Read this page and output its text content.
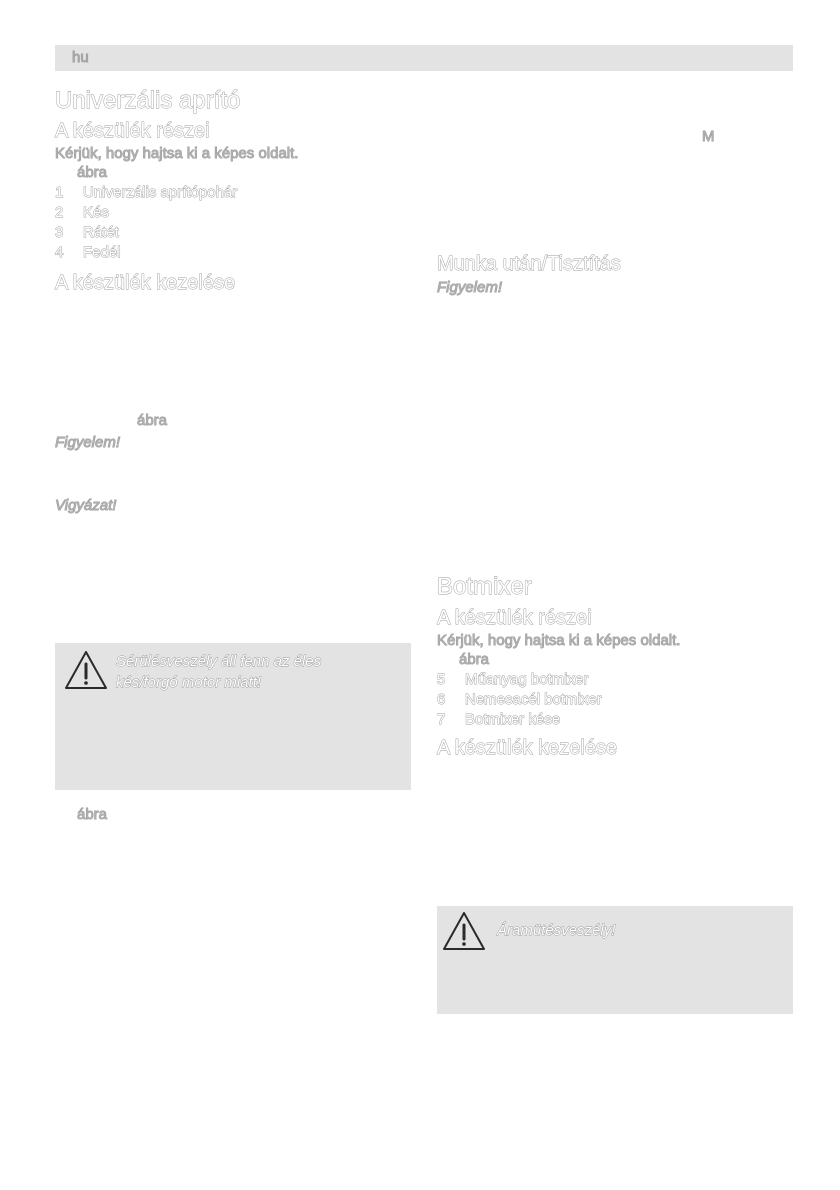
hu
Univerzális aprító
A készülék részei
Kérjük, hogy hajtsa ki a képes oldalt.
ábra
1 Univerzális aprítópohár
2 Kés
3 Rátét
4 Fedél
A készülék kezelése
ábra
Figyelem!
Vigyázat!
Sérülésveszély áll fenn az éles
kés/forgó motor miatt!
ábra
M
Munka után/Tisztítás
Figyelem!
Botmixer
A készülék részei
Kérjük, hogy hajtsa ki a képes oldalt.
ábra
5 Műanyag botmixer
6 Nemesacél botmixer
7 Botmixer kése
A készülék kezelése
Áramütésveszély!
